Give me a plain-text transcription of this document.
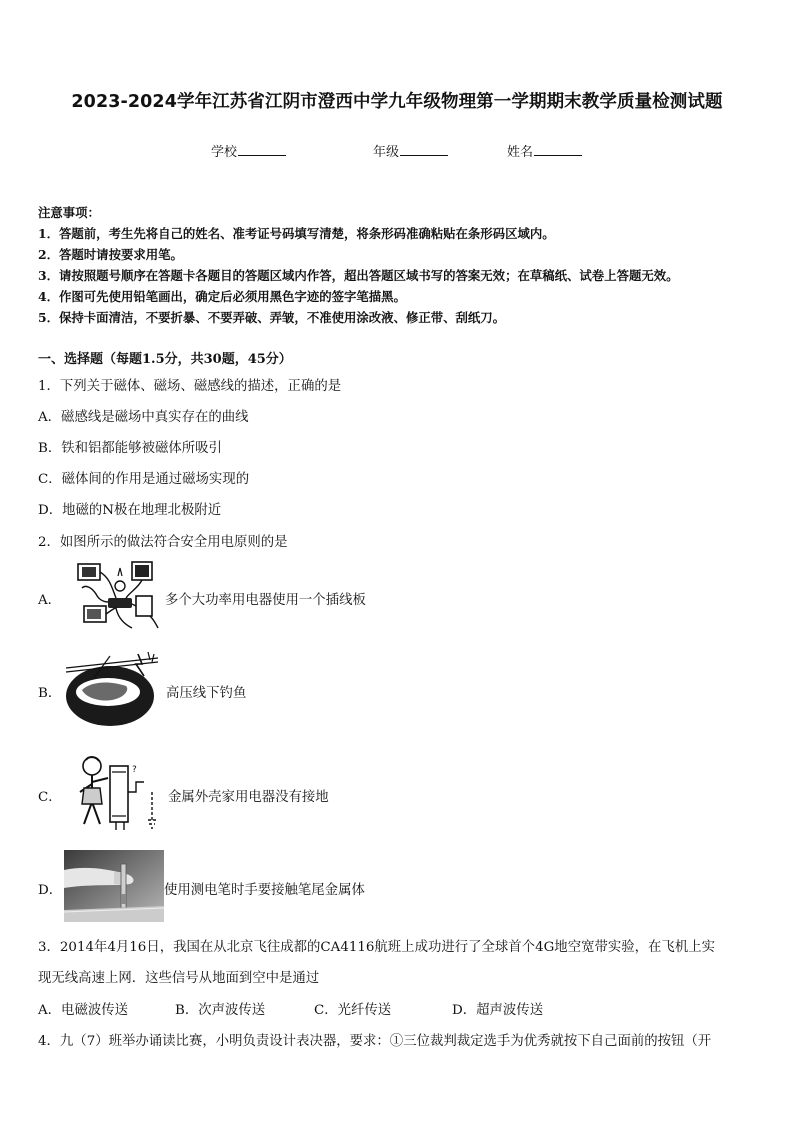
2023-2024学年江苏省江阴市澄西中学九年级物理第一学期期末教学质量检测试题
学校	年级	姓名
注意事项：
1．答题前，考生先将自己的姓名、准考证号码填写清楚，将条形码准确粘贴在条形码区域内。
2．答题时请按要求用笔。
3．请按照题号顺序在答题卡各题目的答题区域内作答，超出答题区域书写的答案无效；在草稿纸、试卷上答题无效。
4．作图可先使用铅笔画出，确定后必须用黑色字迹的签字笔描黑。
5．保持卡面清洁，不要折暴、不要弄破、弄皱，不准使用涂改液、修正带、刮纸刀。
一、选择题（每题1.5分，共30题，45分）
1．下列关于磁体、磁场、磁感线的描述，正确的是
A．磁感线是磁场中真实存在的曲线
B．铁和铝都能够被磁体所吸引
C．磁体间的作用是通过磁场实现的
D．地磁的N极在地理北极附近
2．如图所示的做法符合安全用电原则的是
A．	多个大功率用电器使用一个插线板
B．	高压线下钓鱼
C．
?
金属外壳家用电器没有接地
D．	使用测电笔时手要接触笔尾金属体
3．2014年4月16日，我国在从北京飞往成都的CA4116航班上成功进行了全球首个4G地空宽带实验，在飞机上实
现无线高速上网．这些信号从地面到空中是通过
A．电磁波传送	B．次声波传送	C．光纤传送	D．超声波传送
4．九（7）班举办诵读比赛，小明负责设计表决器，要求：①三位裁判裁定选手为优秀就按下自己面前的按钮（开
